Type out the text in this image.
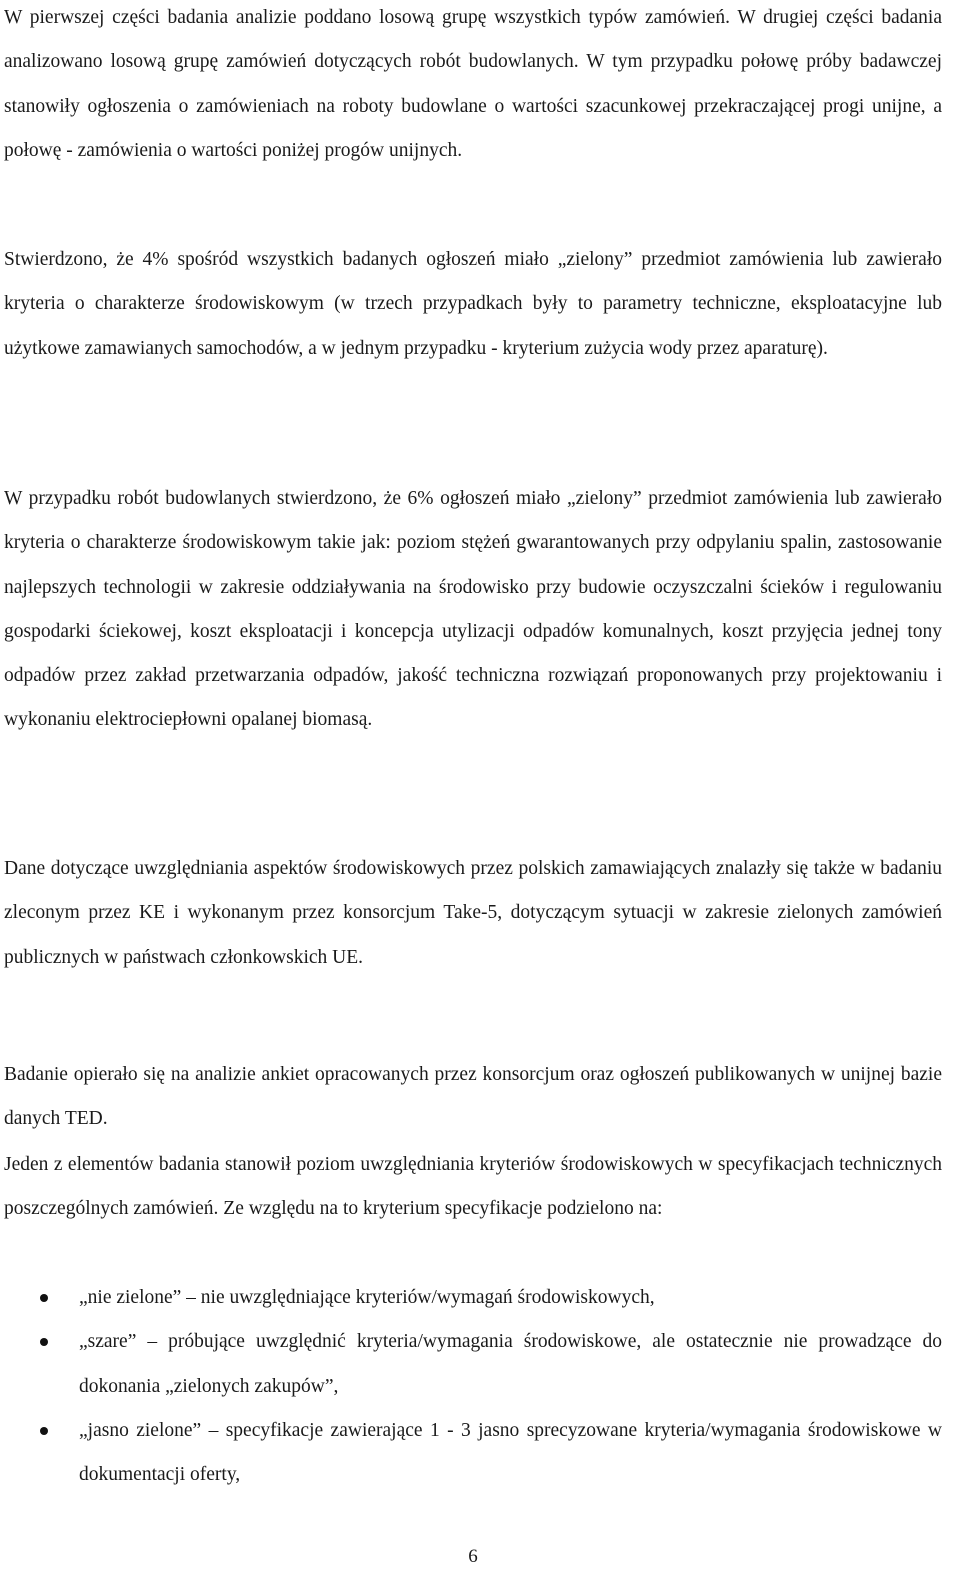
W pierwszej części badania analizie poddano losową grupę wszystkich typów zamówień. W drugiej części badania analizowano losową grupę zamówień dotyczących robót budowlanych. W tym przypadku połowę próby badawczej stanowiły ogłoszenia o zamówieniach na roboty budowlane o wartości szacunkowej przekraczającej progi unijne, a połowę - zamówienia o wartości poniżej progów unijnych.

Stwierdzono, że 4% spośród wszystkich badanych ogłoszeń miało „zielony” przedmiot zamówienia lub zawierało kryteria o charakterze środowiskowym (w trzech przypadkach były to parametry techniczne, eksploatacyjne lub użytkowe zamawianych samochodów, a w jednym przypadku - kryterium zużycia wody przez aparaturę).

W przypadku robót budowlanych stwierdzono, że 6% ogłoszeń miało „zielony” przedmiot zamówienia lub zawierało kryteria o charakterze środowiskowym takie jak: poziom stężeń gwarantowanych przy odpylaniu spalin, zastosowanie najlepszych technologii w zakresie oddziaływania na środowisko przy budowie oczyszczalni ścieków i regulowaniu gospodarki ściekowej, koszt eksploatacji i koncepcja utylizacji odpadów komunalnych, koszt przyjęcia jednej tony odpadów przez zakład przetwarzania odpadów, jakość techniczna rozwiązań proponowanych przy projektowaniu i wykonaniu elektrociepłowni opalanej biomasą.

Dane dotyczące uwzględniania aspektów środowiskowych przez polskich zamawiających znalazły się także w badaniu zleconym przez KE i wykonanym przez konsorcjum Take-5, dotyczącym sytuacji w zakresie zielonych zamówień publicznych w państwach członkowskich UE.

Badanie opierało się na analizie ankiet opracowanych przez konsorcjum oraz ogłoszeń publikowanych w unijnej bazie danych TED.

Jeden z elementów badania stanowił poziom uwzględniania kryteriów środowiskowych w specyfikacjach technicznych poszczególnych zamówień. Ze względu na to kryterium specyfikacje podzielono na:

„nie zielone” – nie uwzględniające kryteriów/wymagań środowiskowych,
„szare” – próbujące uwzględnić kryteria/wymagania środowiskowe, ale ostatecznie nie prowadzące do dokonania „zielonych zakupów”,
„jasno zielone” – specyfikacje zawierające 1 - 3 jasno sprecyzowane kryteria/wymagania środowiskowe w dokumentacji oferty,
6
